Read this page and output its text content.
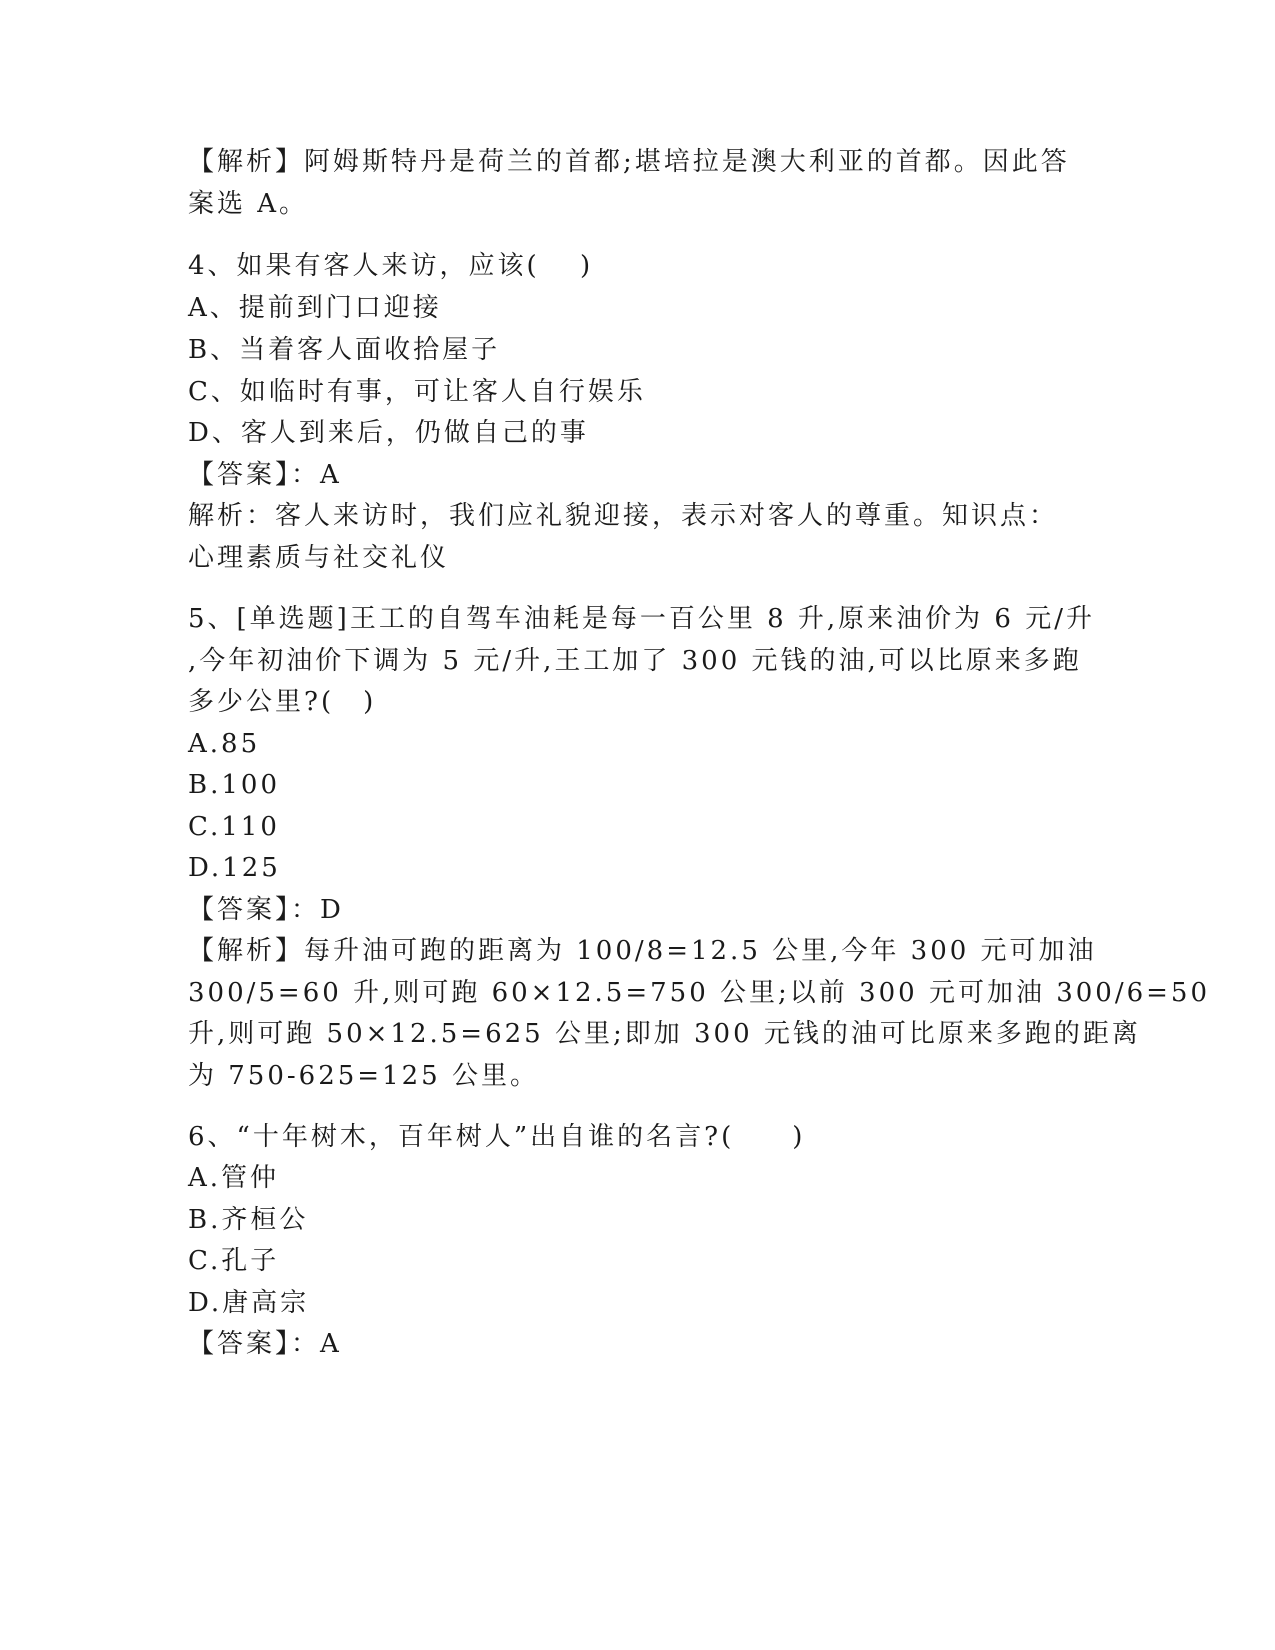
【解析】阿姆斯特丹是荷兰的首都;堪培拉是澳大利亚的首都。因此答
案选 A。
4、如果有客人来访，应该(　 )
A、提前到门口迎接
B、当着客人面收拾屋子
C、如临时有事，可让客人自行娱乐
D、客人到来后，仍做自己的事
【答案】：A
解析：客人来访时，我们应礼貌迎接，表示对客人的尊重。知识点：
心理素质与社交礼仪
5、[单选题]王工的自驾车油耗是每一百公里 8 升,原来油价为 6 元/升
,今年初油价下调为 5 元/升,王工加了 300 元钱的油,可以比原来多跑
多少公里?(　)
A.85
B.100
C.110
D.125
【答案】：D
【解析】每升油可跑的距离为 100/8=12.5 公里,今年 300 元可加油
300/5=60 升,则可跑 60×12.5=750 公里;以前 300 元可加油 300/6=50
升,则可跑 50×12.5=625 公里;即加 300 元钱的油可比原来多跑的距离
为 750-625=125 公里。
6、“十年树木，百年树人”出自谁的名言?(　　)
A.管仲
B.齐桓公
C.孔子
D.唐高宗
【答案】：A
